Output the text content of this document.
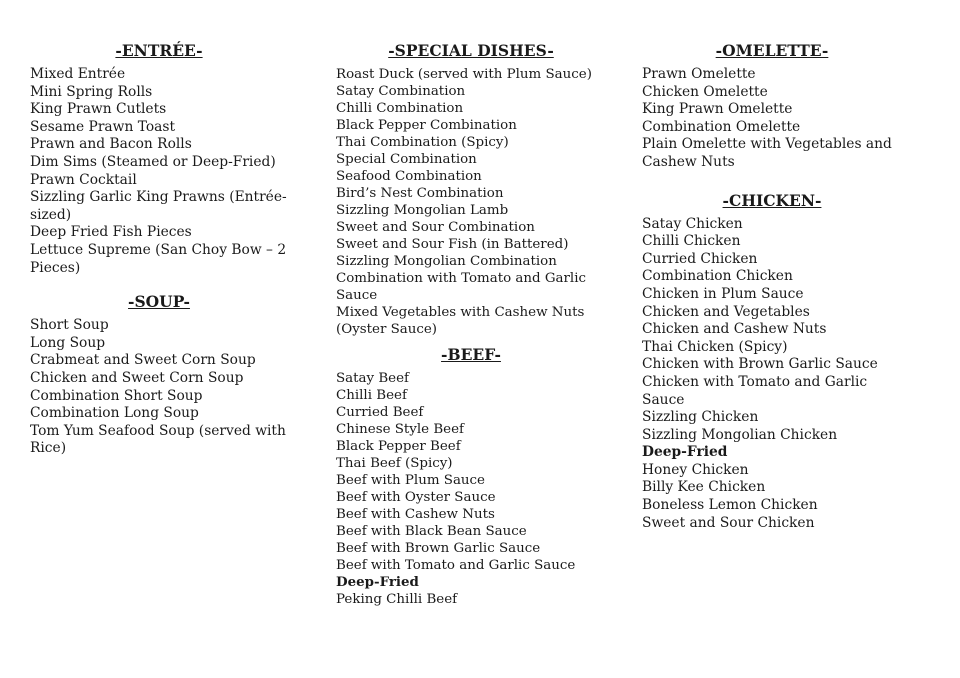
-ENTRÉE-
Mixed Entrée
Mini Spring Rolls
King Prawn Cutlets
Sesame Prawn Toast
Prawn and Bacon Rolls
Dim Sims (Steamed or Deep-Fried)
Prawn Cocktail
Sizzling Garlic King Prawns (Entrée-sized)
Deep Fried Fish Pieces
Lettuce Supreme (San Choy Bow – 2 Pieces)
-SOUP-
Short Soup
Long Soup
Crabmeat and Sweet Corn Soup
Chicken and Sweet Corn Soup
Combination Short Soup
Combination Long Soup
Tom Yum Seafood Soup (served with Rice)
-SPECIAL DISHES-
Roast Duck (served with Plum Sauce)
Satay Combination
Chilli Combination
Black Pepper Combination
Thai Combination (Spicy)
Special Combination
Seafood Combination
Bird’s Nest Combination
Sizzling Mongolian Lamb
Sweet and Sour Combination
Sweet and Sour Fish (in Battered)
Sizzling Mongolian Combination
Combination with Tomato and Garlic Sauce
Mixed Vegetables with Cashew Nuts (Oyster Sauce)
-BEEF-
Satay Beef
Chilli Beef
Curried Beef
Chinese Style Beef
Black Pepper Beef
Thai Beef (Spicy)
Beef with Plum Sauce
Beef with Oyster Sauce
Beef with Cashew Nuts
Beef with Black Bean Sauce
Beef with Brown Garlic Sauce
Beef with Tomato and Garlic Sauce
Deep-Fried
Peking Chilli Beef
-OMELETTE-
Prawn Omelette
Chicken Omelette
King Prawn Omelette
Combination Omelette
Plain Omelette with Vegetables and Cashew Nuts
-CHICKEN-
Satay Chicken
Chilli Chicken
Curried Chicken
Combination Chicken
Chicken in Plum Sauce
Chicken and Vegetables
Chicken and Cashew Nuts
Thai Chicken (Spicy)
Chicken with Brown Garlic Sauce
Chicken with Tomato and Garlic Sauce
Sizzling Chicken
Sizzling Mongolian Chicken
Deep-Fried
Honey Chicken
Billy Kee Chicken
Boneless Lemon Chicken
Sweet and Sour Chicken
